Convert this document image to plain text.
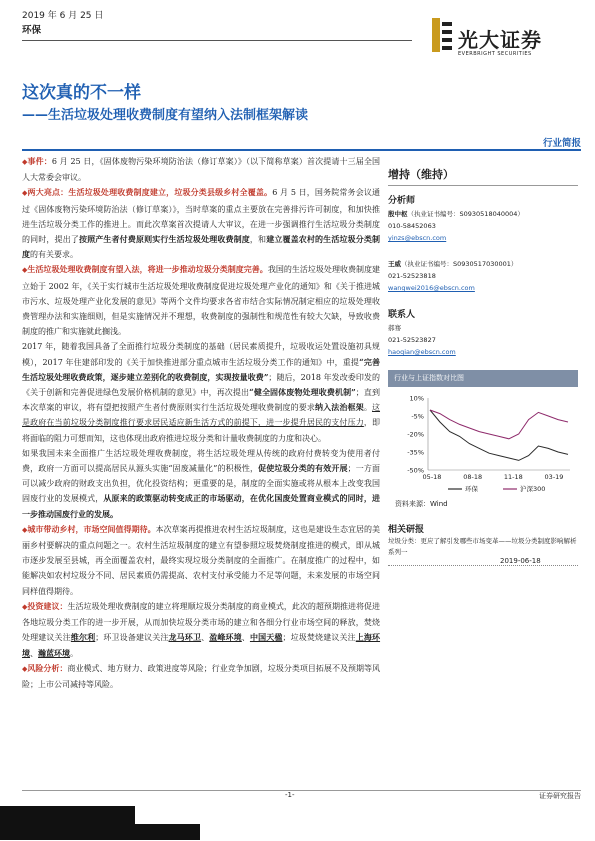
2019 年 6 月 25 日
环保	光大证券
EVERBRIGHT SECURITIES
这次真的不一样
——生活垃圾处理收费制度有望纳入法制框架解读
行业简报

◆事件：6 月 25 日，《固体废物污染环境防治法（修订草案）》（以下简称草案）首次提请十三届全国人大常委会审议。

◆两大亮点：生活垃圾处理收费制度建立，垃圾分类县级乡村全覆盖。6 月 5 日，国务院常务会议通过《固体废物污染环境防治法（修订草案）》，当时草案的重点主要放在完善排污许可制度，和加快推进生活垃圾分类工作的推进上。而此次草案首次提请人大审议，在进一步强调推行生活垃圾分类制度的同时，提出了按照产生者付费原则实行生活垃圾处理收费制度，和建立覆盖农村的生活垃圾分类制度的有关要求。

◆生活垃圾处理收费制度有望入法，将进一步推动垃圾分类制度完善。我国的生活垃圾处理收费制度建立始于 2002 年，《关于实行城市生活垃圾处理收费制度促进垃圾处理产业化的通知》和《关于推进城市污水、垃圾处理产业化发展的意见》等两个文件均要求各省市结合实际情况制定相应的垃圾处理收费管理办法和实施细则，但是实施情况并不理想，收费制度的强制性和规范性有较大欠缺，导致收费制度的推广和实施就此搁浅。

2017 年，随着我国具备了全面推行垃圾分类制度的基础（居民素质提升，垃圾收运处置设施初具规模），2017 年住建部印发的《关于加快推进部分重点城市生活垃圾分类工作的通知》中，重提“完善生活垃圾处理收费政策，逐步建立差别化的收费制度，实现按量收费”；随后，2018 年发改委印发的《关于创新和完善促进绿色发展价格机制的意见》中，再次提出“健全固体废物处理收费机制”；直到本次草案的审议，将有望把按照产生者付费原则实行生活垃圾处理收费制度的要求纳入法治框架。这是政府在当前垃圾分类制度推行要求居民适应新生活方式的前提下，进一步提升居民的支付压力，即将面临的阻力可想而知，这也体现出政府推进垃圾分类和计量收费制度的力度和决心。

如果我国未来全面推广生活垃圾处理收费制度，将生活垃圾处理从传统的政府付费转变为使用者付费，政府一方面可以提高居民从源头实施“固废减量化”的积极性，促使垃圾分类的有效开展；一方面可以减少政府的财政支出负担，优化投资结构；更重要的是，制度的全面实施或将从根本上改变我国固废行业的发展模式，从原来的政策驱动转变成正的市场驱动，在优化国废处置商业模式的同时，进一步推动国废行业的发展。

◆城市带动乡村，市场空间值得期待。本次草案再提推进农村生活垃圾制度，这也是建设生态宜居的美丽乡村要解决的重点问题之一。农村生活垃圾制度的建立有望参照垃圾焚烧制度推进的模式，即从城市逐步发展至县城，再全面覆盖农村，最终实现垃圾分类制度的全面推广。在制度推广的过程中，如能解决如农村垃圾分不同、居民素质仍需提高、农村支付承受能力不足等问题，未来发展的市场空间同样值得期待。

◆投资建议：生活垃圾处理收费制度的建立将理顺垃圾分类制度的商业模式，此次的超预期推进将促进各地垃圾分类工作的进一步开展，从而加快垃圾分类市场的建立和各细分行业市场空间的释放，焚烧处理建议关注维尔利；环卫设备建议关注龙马环卫、盈峰环境、中国天楹；垃圾焚烧建议关注上海环境、瀚蓝环境。

◆风险分析：商业模式、地方财力、政策进度等风险；行业竞争加剧，垃圾分类项目拓展不及预期等风险；上市公司减持等风险。

增持（维持）
分析师
殷中枢（执业证书编号：S0930518040004）
010-58452063
yinzs@ebscn.com
王威（执业证书编号：S0930517030001）
021-52523818
wangwei2016@ebscn.com
联系人
郝骞
021-52523827
haoqian@ebscn.com
行业与上证指数对比图
10%
-5%
-20%
-35%
-50%
05-18	08-18	11-18	03-19
环保	沪深300
资料来源：Wind
相关研报
垃圾分类：更应了解引发哪些市场变革——垃圾分类制度影响解析系列一
2019-06-18
-1-	证券研究报告
